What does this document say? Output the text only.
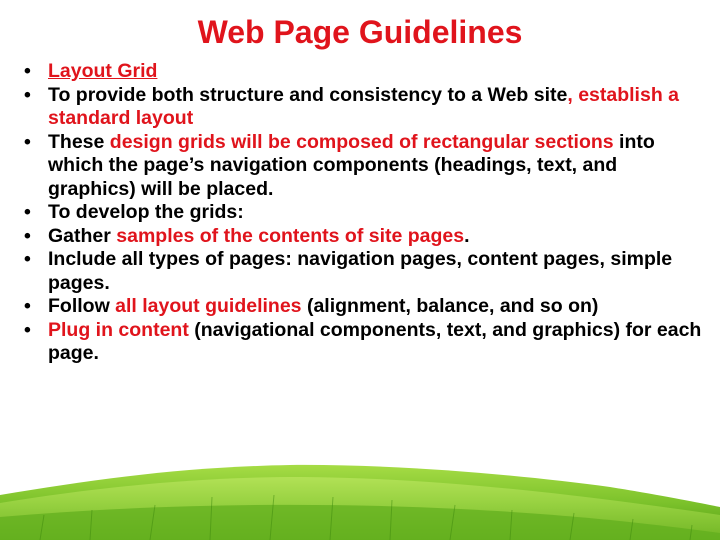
Web Page Guidelines
• Layout Grid
• To provide both structure and consistency to a Web site, establish a standard layout
• These design grids will be composed of rectangular sections into which the page’s navigation components (headings, text, and graphics) will be placed.
• To develop the grids:
• Gather samples of the contents of site pages.
• Include all types of pages: navigation pages, content pages, simple pages.
• Follow all layout guidelines (alignment, balance, and so on)
• Plug in content (navigational components, text, and graphics) for each page.
